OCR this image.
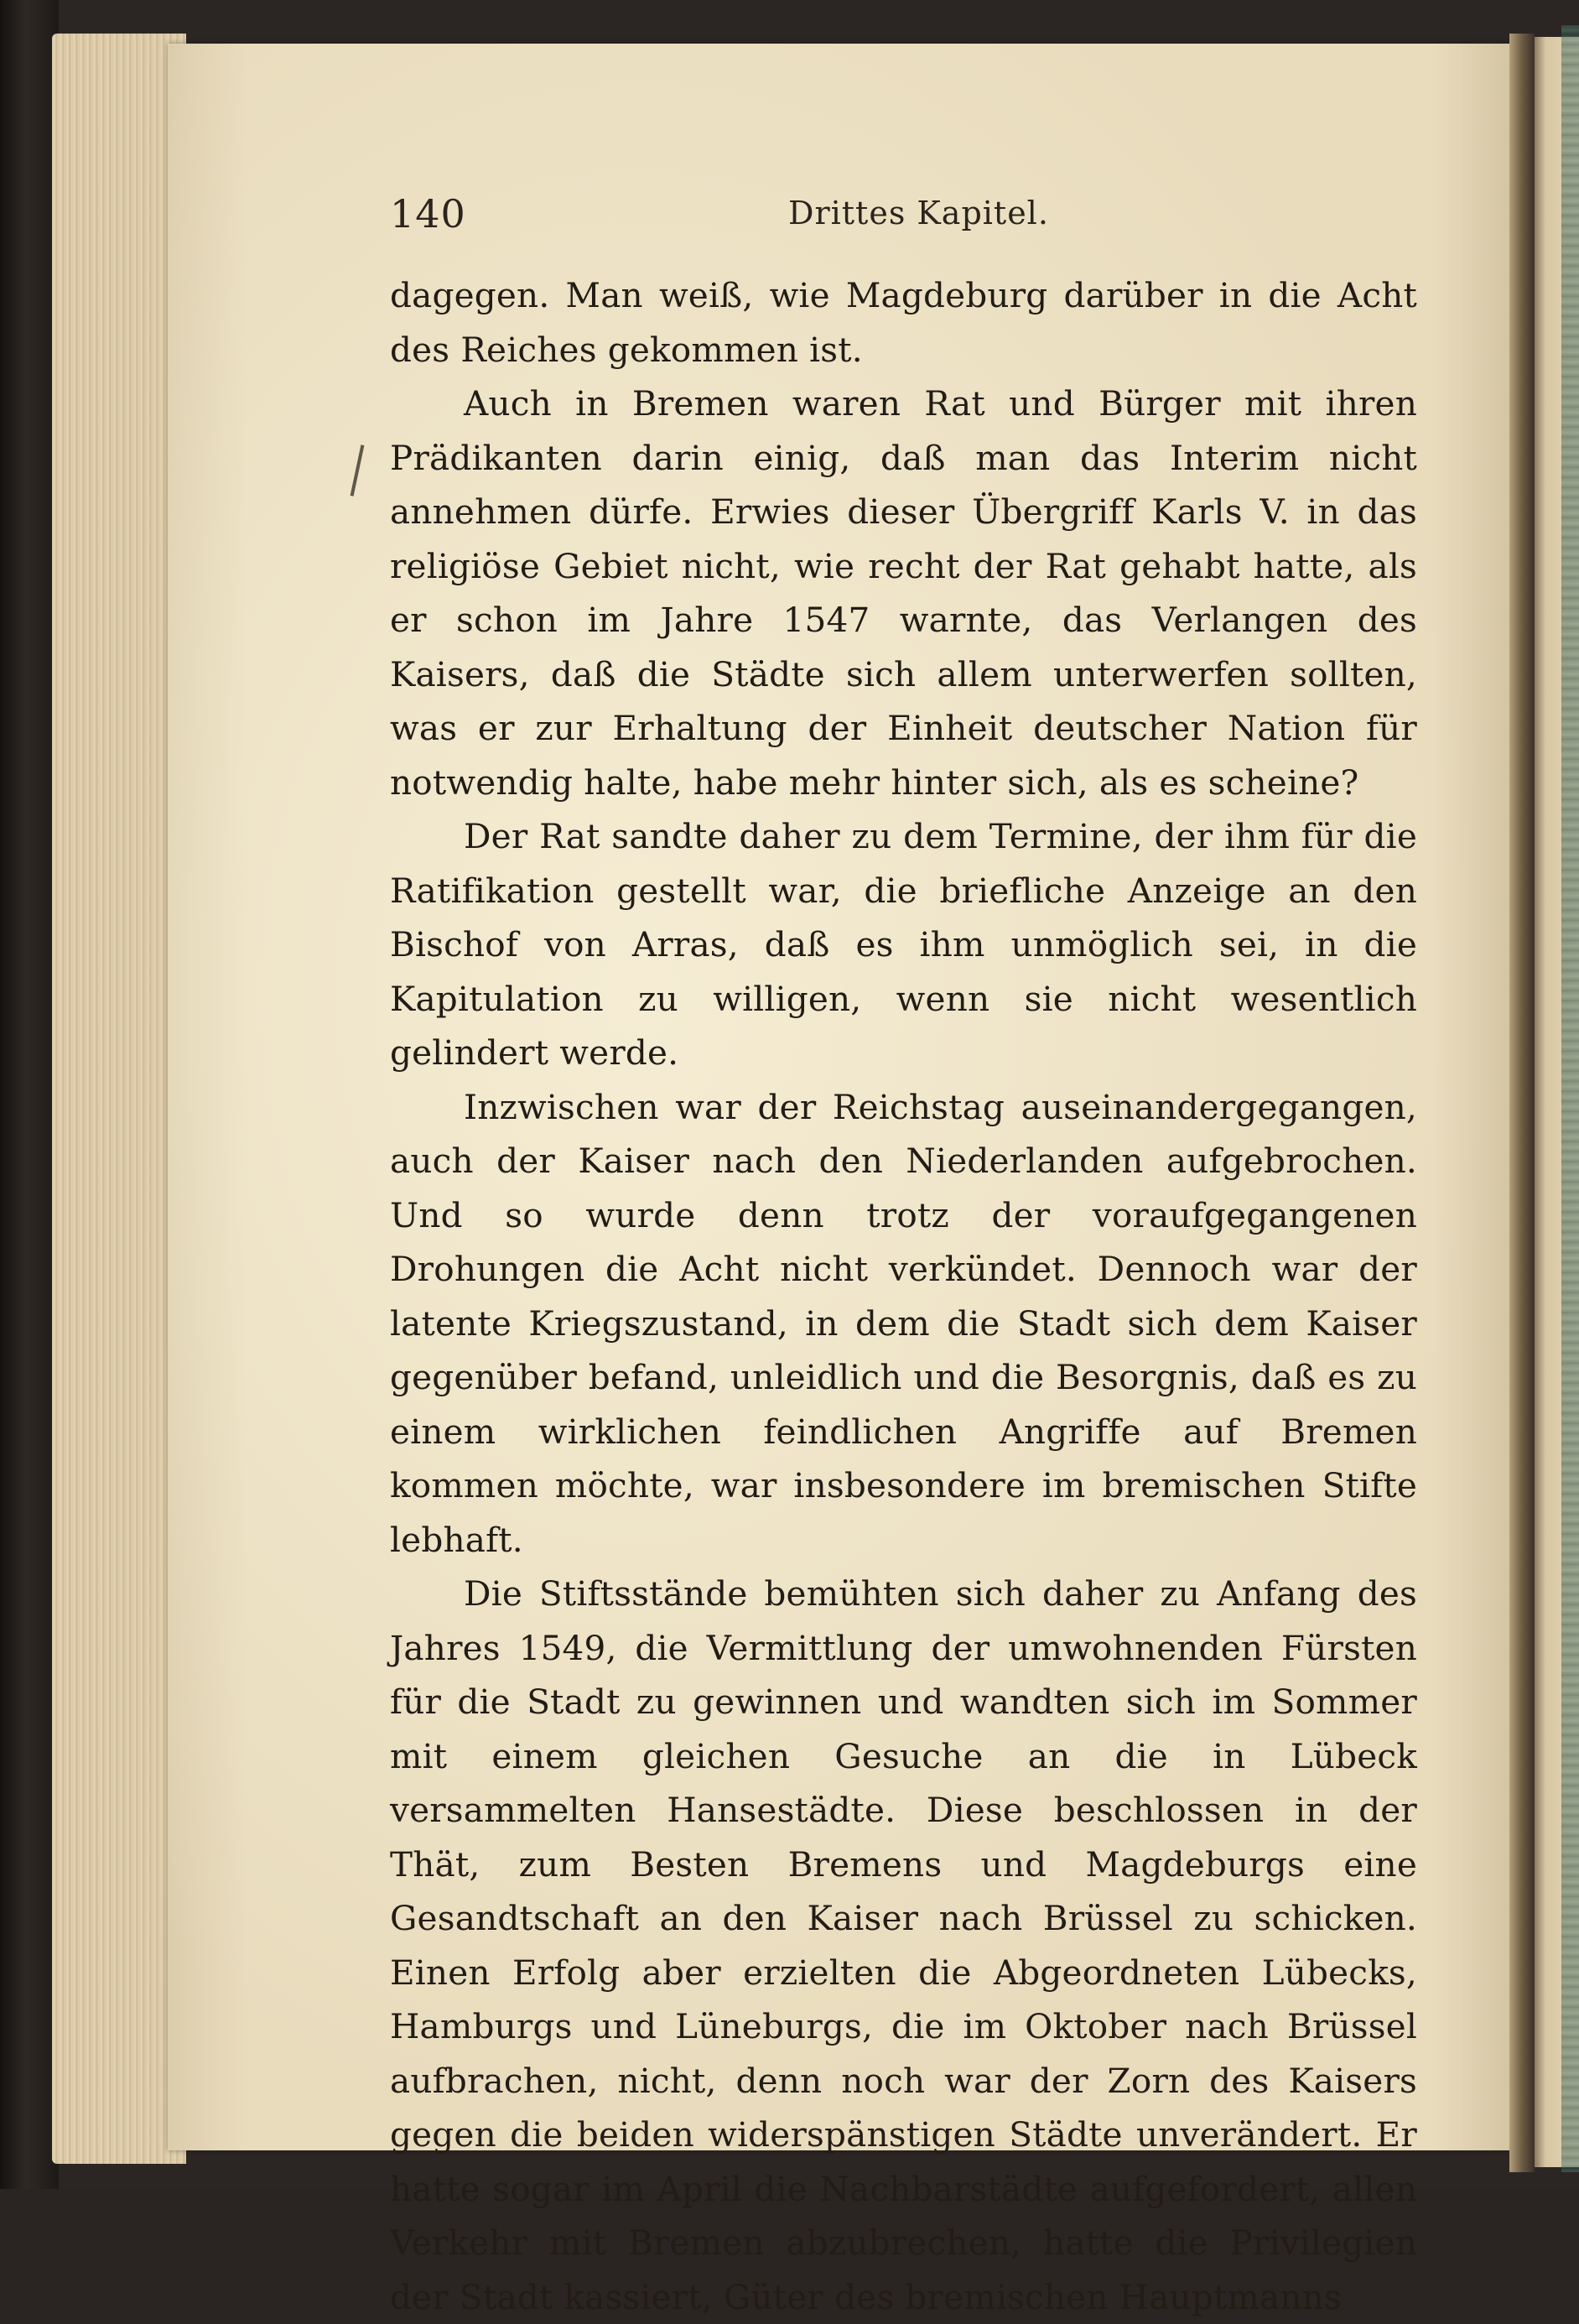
140	Drittes Kapitel.

dagegen. Man weiß, wie Magdeburg darüber in die Acht des Reiches gekommen ist.

Auch in Bremen waren Rat und Bürger mit ihren Prädikanten darin einig, daß man das Interim nicht annehmen dürfe. Erwies dieser Übergriff Karls V. in das religiöse Gebiet nicht, wie recht der Rat gehabt hatte, als er schon im Jahre 1547 warnte, das Verlangen des Kaisers, daß die Städte sich allem unterwerfen sollten, was er zur Erhaltung der Einheit deutscher Nation für notwendig halte, habe mehr hinter sich, als es scheine?

Der Rat sandte daher zu dem Termine, der ihm für die Ratifikation gestellt war, die briefliche Anzeige an den Bischof von Arras, daß es ihm unmöglich sei, in die Kapitulation zu willigen, wenn sie nicht wesentlich gelindert werde.

Inzwischen war der Reichstag auseinandergegangen, auch der Kaiser nach den Niederlanden aufgebrochen. Und so wurde denn trotz der voraufgegangenen Drohungen die Acht nicht verkündet. Dennoch war der latente Kriegszustand, in dem die Stadt sich dem Kaiser gegenüber befand, unleidlich und die Besorgnis, daß es zu einem wirklichen feindlichen Angriffe auf Bremen kommen möchte, war insbesondere im bremischen Stifte lebhaft.

Die Stiftsstände bemühten sich daher zu Anfang des Jahres 1549, die Vermittlung der umwohnenden Fürsten für die Stadt zu gewinnen und wandten sich im Sommer mit einem gleichen Gesuche an die in Lübeck versammelten Hansestädte. Diese beschlossen in der Thät, zum Besten Bremens und Magdeburgs eine Gesandtschaft an den Kaiser nach Brüssel zu schicken. Einen Erfolg aber erzielten die Abgeordneten Lübecks, Hamburgs und Lüneburgs, die im Oktober nach Brüssel aufbrachen, nicht, denn noch war der Zorn des Kaisers gegen die beiden widerspänstigen Städte unverändert. Er hatte sogar im April die Nachbarstädte aufgefordert, allen Verkehr mit Bremen abzubrechen, hatte die Privilegien der Stadt kassiert, Güter des bremischen Hauptmanns
